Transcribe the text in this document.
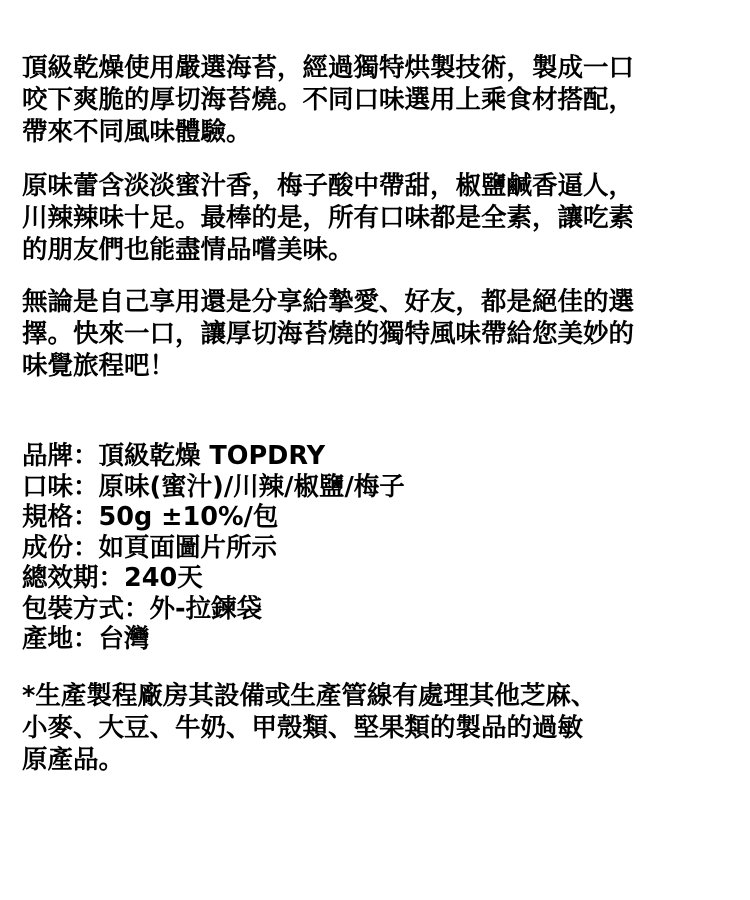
頂級乾燥使用嚴選海苔，經過獨特烘製技術，製成一口
咬下爽脆的厚切海苔燒。不同口味選用上乘食材搭配，
帶來不同風味體驗。

原味蕾含淡淡蜜汁香，梅子酸中帶甜，椒鹽鹹香逼人，
川辣辣味十足。最棒的是，所有口味都是全素，讓吃素
的朋友們也能盡情品嚐美味。

無論是自己享用還是分享給摯愛、好友，都是絕佳的選
擇。快來一口，讓厚切海苔燒的獨特風味帶給您美妙的
味覺旅程吧！

品牌：頂級乾燥 TOPDRY
口味：原味(蜜汁)/川辣/椒鹽/梅子
規格：50g ±10%/包
成份：如頁面圖片所示
總效期：240天
包裝方式：外-拉鍊袋
產地：台灣

*生產製程廠房其設備或生產管線有處理其他芝麻、
小麥、大豆、牛奶、甲殼類、堅果類的製品的過敏
原產品。
